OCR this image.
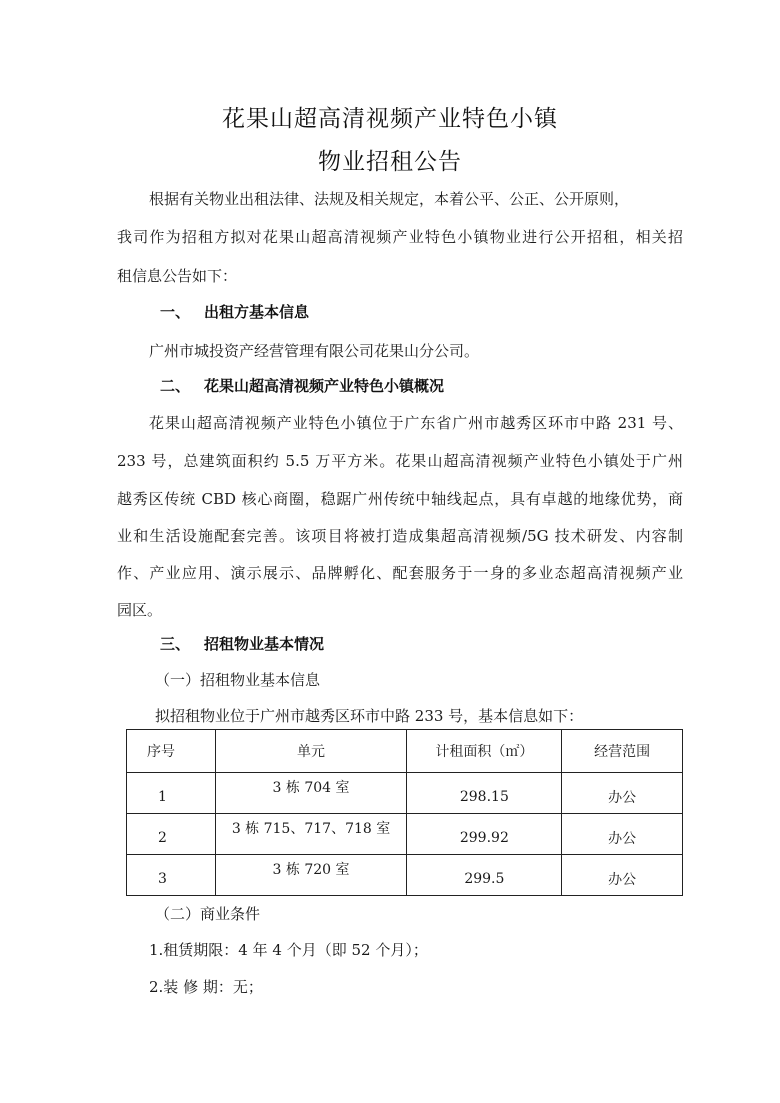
花果山超高清视频产业特色小镇
物业招租公告
根据有关物业出租法律、法规及相关规定，本着公平、公正、公开原则，
我司作为招租方拟对花果山超高清视频产业特色小镇物业进行公开招租，相关招
租信息公告如下：
一、 出租方基本信息
广州市城投资产经营管理有限公司花果山分公司。
二、 花果山超高清视频产业特色小镇概况
花果山超高清视频产业特色小镇位于广东省广州市越秀区环市中路 231 号、
233 号，总建筑面积约 5.5 万平方米。花果山超高清视频产业特色小镇处于广州
越秀区传统 CBD 核心商圈，稳踞广州传统中轴线起点，具有卓越的地缘优势，商
业和生活设施配套完善。该项目将被打造成集超高清视频/5G 技术研发、内容制
作、产业应用、演示展示、品牌孵化、配套服务于一身的多业态超高清视频产业
园区。
三、 招租物业基本情况
（一）招租物业基本信息
拟招租物业位于广州市越秀区环市中路 233 号，基本信息如下：
序号	单元	计租面积（㎡）	经营范围
1	3 栋 704 室	298.15	办公
2	3 栋 715、717、718 室	299.92	办公
3	3 栋 720 室	299.5	办公
（二）商业条件
1.租赁期限：4 年 4 个月（即 52 个月）；
2.装 修 期：无；
